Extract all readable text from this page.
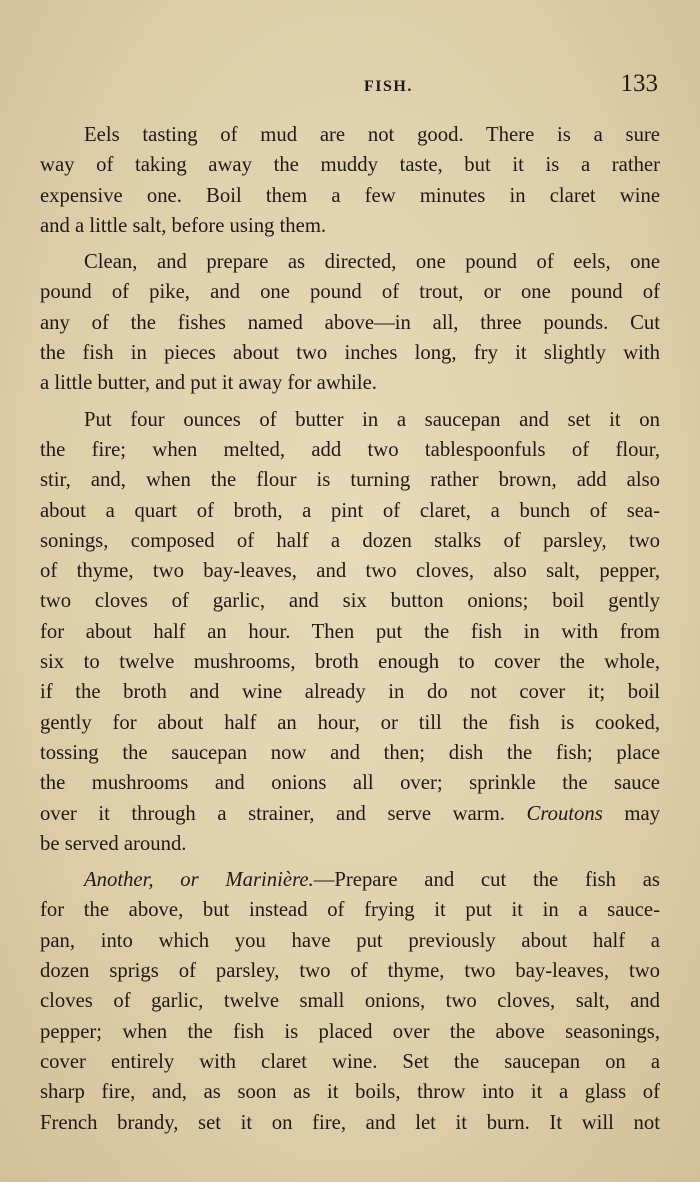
FISH.	133
Eels tasting of mud are not good. There is a sure
way of taking away the muddy taste, but it is a rather
expensive one. Boil them a few minutes in claret wine
and a little salt, before using them.
Clean, and prepare as directed, one pound of eels, one
pound of pike, and one pound of trout, or one pound of
any of the fishes named above—in all, three pounds. Cut
the fish in pieces about two inches long, fry it slightly with
a little butter, and put it away for awhile.
Put four ounces of butter in a saucepan and set it on
the fire; when melted, add two tablespoonfuls of flour,
stir, and, when the flour is turning rather brown, add also
about a quart of broth, a pint of claret, a bunch of sea-
sonings, composed of half a dozen stalks of parsley, two
of thyme, two bay-leaves, and two cloves, also salt, pepper,
two cloves of garlic, and six button onions; boil gently
for about half an hour. Then put the fish in with from
six to twelve mushrooms, broth enough to cover the whole,
if the broth and wine already in do not cover it; boil
gently for about half an hour, or till the fish is cooked,
tossing the saucepan now and then; dish the fish; place
the mushrooms and onions all over; sprinkle the sauce
over it through a strainer, and serve warm. Croutons may
be served around.
Another, or Marinière.—Prepare and cut the fish as
for the above, but instead of frying it put it in a sauce-
pan, into which you have put previously about half a
dozen sprigs of parsley, two of thyme, two bay-leaves, two
cloves of garlic, twelve small onions, two cloves, salt, and
pepper; when the fish is placed over the above seasonings,
cover entirely with claret wine. Set the saucepan on a
sharp fire, and, as soon as it boils, throw into it a glass of
French brandy, set it on fire, and let it burn. It will not
